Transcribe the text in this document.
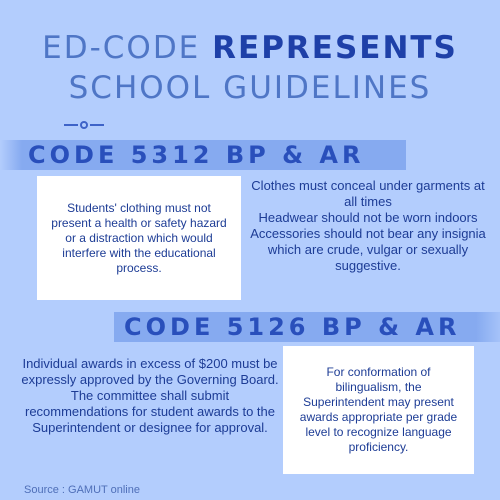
ED-CODE REPRESENTS
SCHOOL GUIDELINES
CODE 5312 BP & AR

Students' clothing must not present a health or safety hazard or a distraction which would interfere with the educational process.

Clothes must conceal under garments at all times

Headwear should not be worn indoors

Accessories should not bear any insignia which are crude, vulgar or sexually suggestive.

CODE 5126 BP & AR

Individual awards in excess of $200 must be expressly approved by the Governing Board.

The committee shall submit recommendations for student awards to the Superintendent or designee for approval.

For conformation of bilingualism, the Superintendent may present awards appropriate per grade level to recognize language proficiency.

Source : GAMUT online
